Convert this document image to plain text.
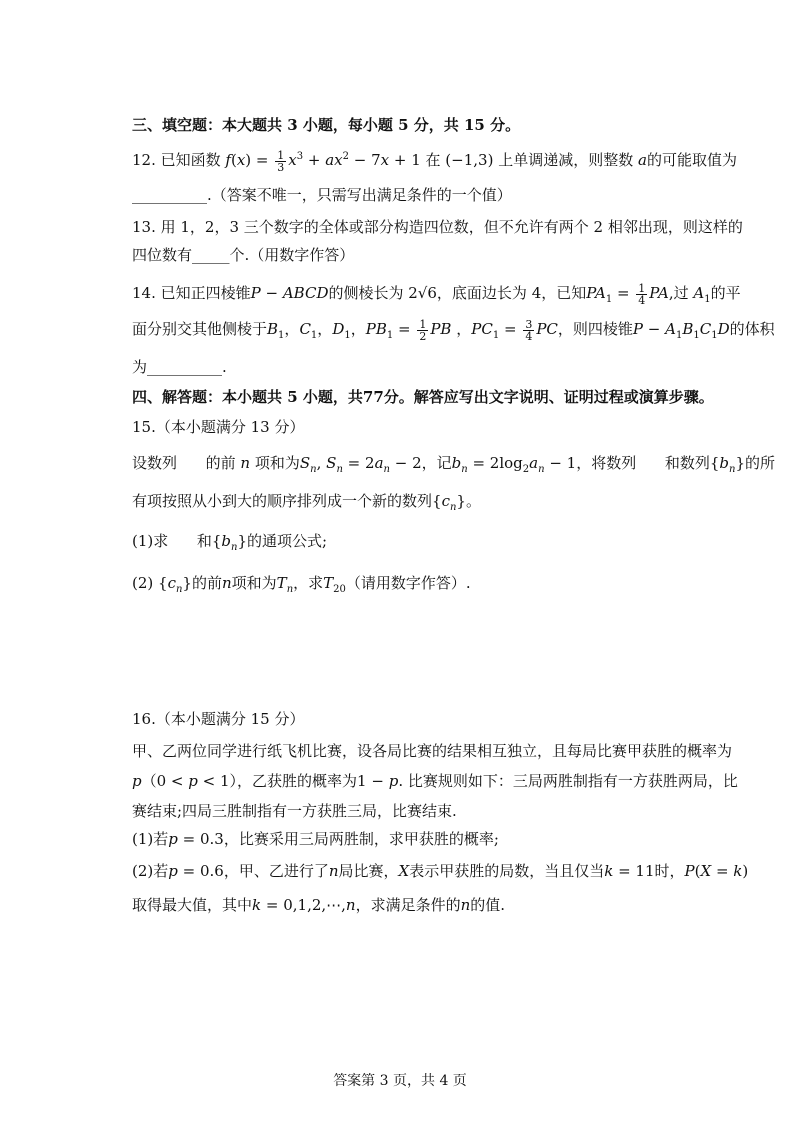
三、填空题：本大题共 3 小题，每小题 5 分，共 15 分。
12. 已知函数 $f(x) = \frac{1}{3} x^3 + ax^2 - 7x + 1$ 在 (−1,3) 上单调递减，则整数 a的可能取值为
__________.（答案不唯一，只需写出满足条件的一个值）
13. 用 1，2，3 三个数字的全体或部分构造四位数，但不允许有两个 2 相邻出现，则这样的
四位数有_____个.（用数字作答）
14. 已知正四棱锥P − ABCD的侧棱长为 2√6，底面边长为 4，已知$PA_1 = \frac{1}{4}$ PA,过 $A_1$的平
面分别交其他侧棱于$B_1$，$C_1$，$D_1$，$PB_1 = \frac{1}{2}$ PB ，$PC_1 = \frac{3}{4}$ PC，则四棱锥$P - A_1B_1C_1D$的体积
为__________.
四、解答题：本小题共 5 小题，共77分。解答应写出文字说明、证明过程或演算步骤。
15.（本小题满分 13 分）
设数列 的前 n 项和为$S_n$, $S_n = 2a_n - 2$，记$b_n = 2\log_2a_n - 1$，将数列 和数列$\{b_n\}$的所
有项按照从小到大的顺序排列成一个新的数列$\{c_n\}$。
(1)求 和$\{b_n\}$的通项公式;
(2) $\{c_n\}$的前n项和为$T_n$，求$T_{20}$（请用数字作答）.
16.（本小题满分 15 分）
甲、乙两位同学进行纸飞机比赛，设各局比赛的结果相互独立，且每局比赛甲获胜的概率为
p（0 < p < 1），乙获胜的概率为1 − p. 比赛规则如下：三局两胜制指有一方获胜两局，比
赛结束;四局三胜制指有一方获胜三局，比赛结束.
(1)若p = 0.3，比赛采用三局两胜制，求甲获胜的概率;
(2)若p = 0.6，甲、乙进行了n局比赛，X表示甲获胜的局数，当且仅当k = 11时，P(X = k)
取得最大值，其中k = 0,1,2,⋯,n，求满足条件的n的值.
答案第 3 页，共 4 页
